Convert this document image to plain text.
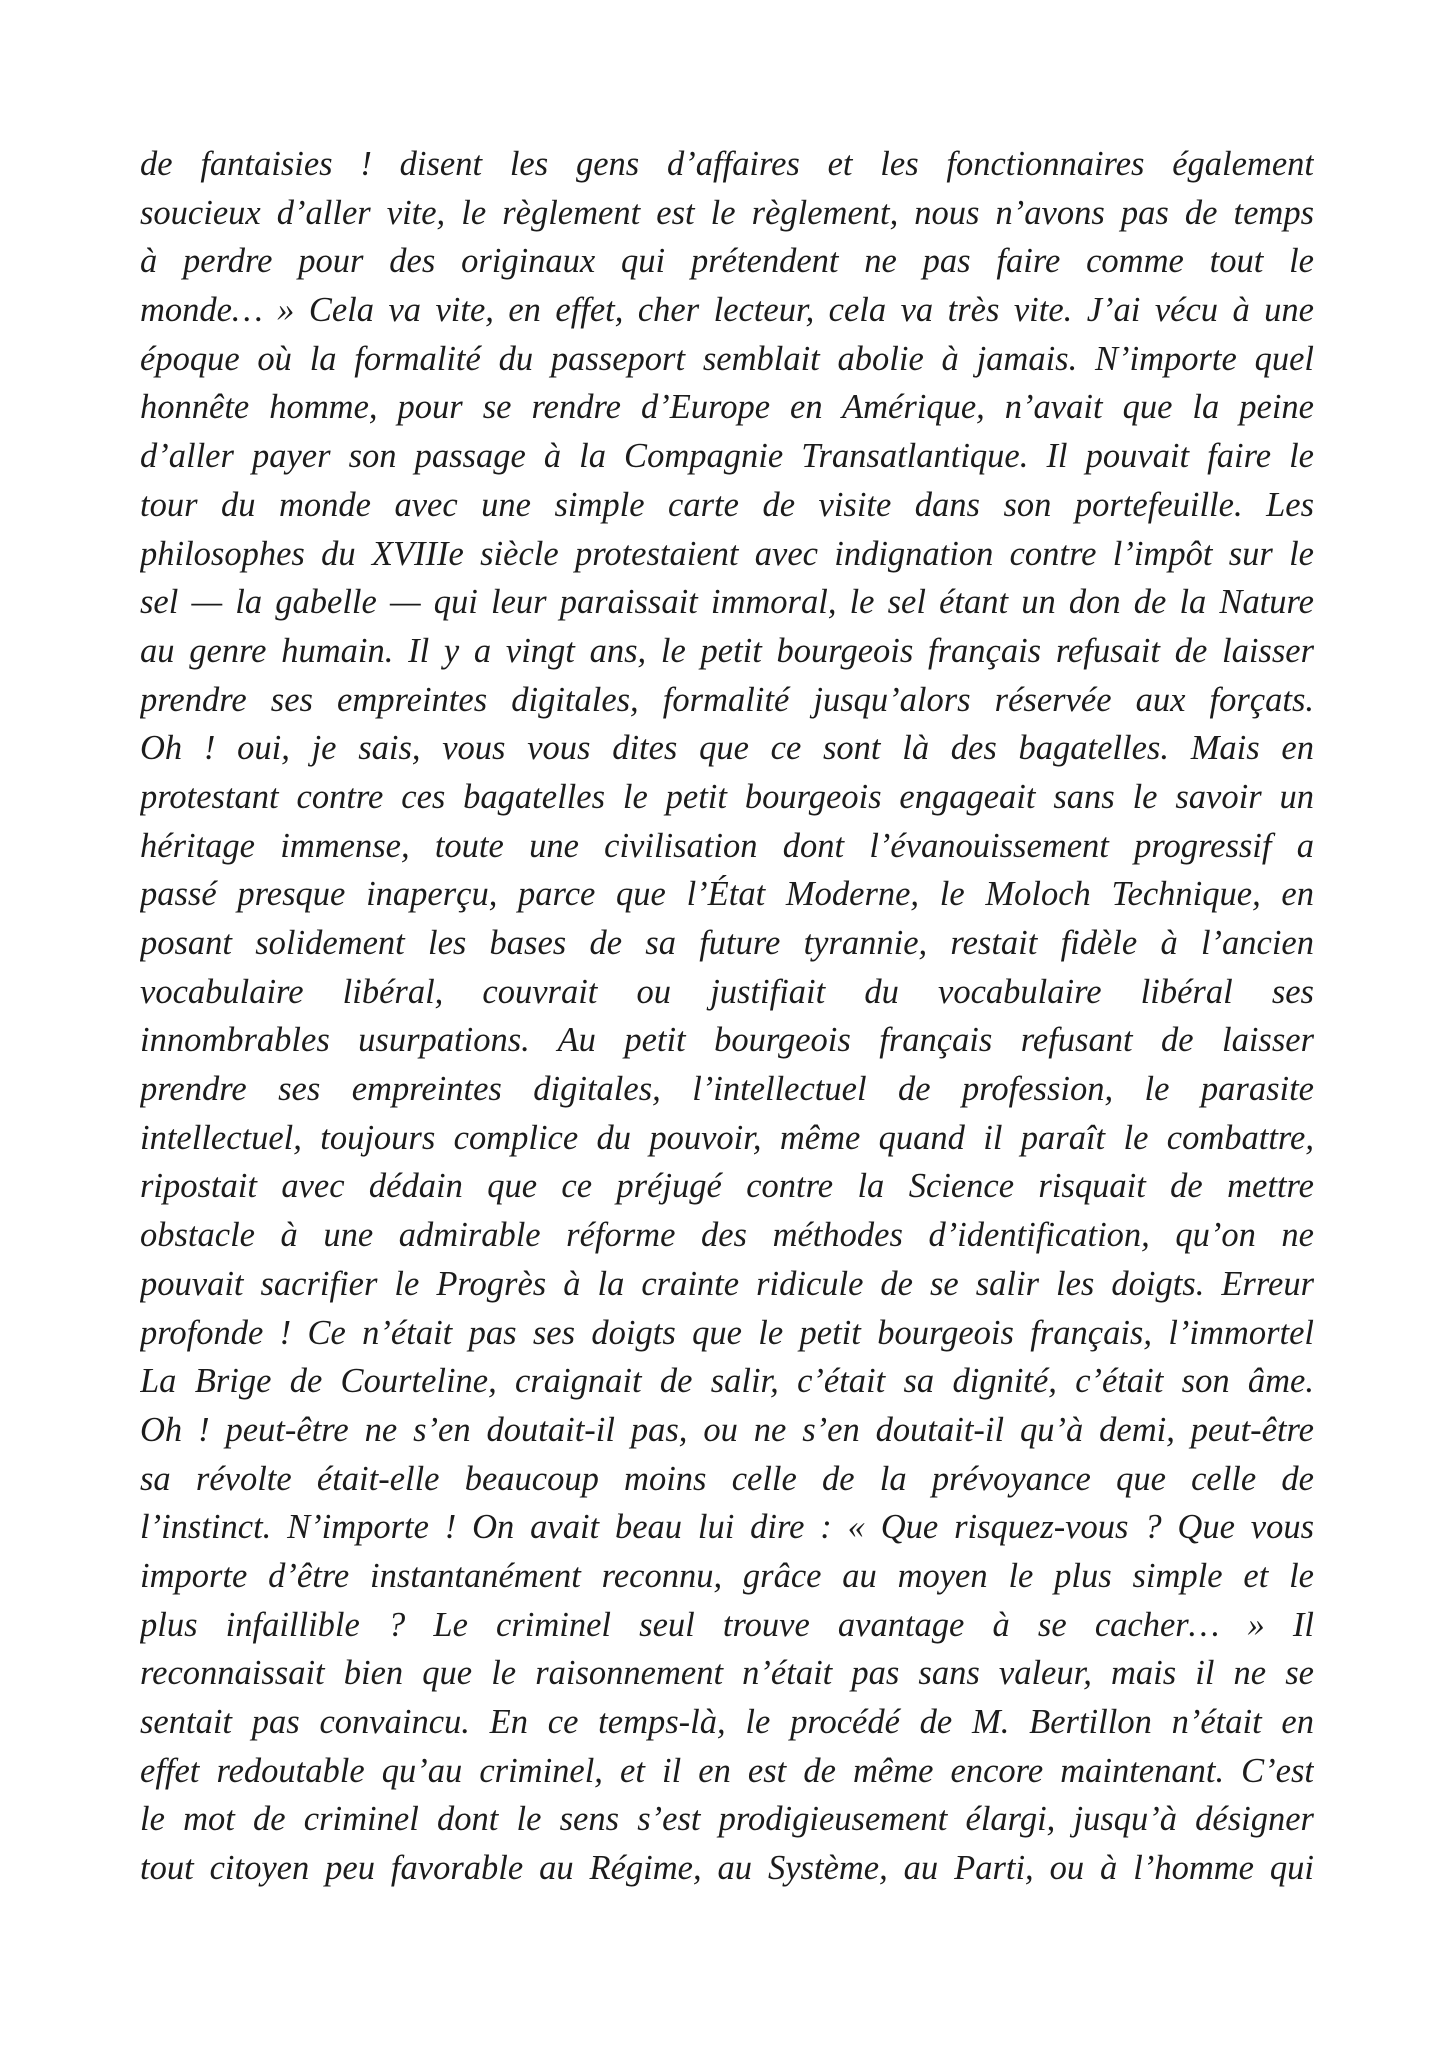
de fantaisies ! disent les gens d’affaires et les fonctionnaires également
soucieux d’aller vite, le règlement est le règlement, nous n’avons pas de temps
à perdre pour des originaux qui prétendent ne pas faire comme tout le
monde… » Cela va vite, en effet, cher lecteur, cela va très vite. J’ai vécu à une
époque où la formalité du passeport semblait abolie à jamais. N’importe quel
honnête homme, pour se rendre d’Europe en Amérique, n’avait que la peine
d’aller payer son passage à la Compagnie Transatlantique. Il pouvait faire le
tour du monde avec une simple carte de visite dans son portefeuille. Les
philosophes du XVIIIe siècle protestaient avec indignation contre l’impôt sur le
sel — la gabelle — qui leur paraissait immoral, le sel étant un don de la Nature
au genre humain. Il y a vingt ans, le petit bourgeois français refusait de laisser
prendre ses empreintes digitales, formalité jusqu’alors réservée aux forçats.
Oh ! oui, je sais, vous vous dites que ce sont là des bagatelles. Mais en
protestant contre ces bagatelles le petit bourgeois engageait sans le savoir un
héritage immense, toute une civilisation dont l’évanouissement progressif a
passé presque inaperçu, parce que l’État Moderne, le Moloch Technique, en
posant solidement les bases de sa future tyrannie, restait fidèle à l’ancien
vocabulaire libéral, couvrait ou justifiait du vocabulaire libéral ses
innombrables usurpations. Au petit bourgeois français refusant de laisser
prendre ses empreintes digitales, l’intellectuel de profession, le parasite
intellectuel, toujours complice du pouvoir, même quand il paraît le combattre,
ripostait avec dédain que ce préjugé contre la Science risquait de mettre
obstacle à une admirable réforme des méthodes d’identification, qu’on ne
pouvait sacrifier le Progrès à la crainte ridicule de se salir les doigts. Erreur
profonde ! Ce n’était pas ses doigts que le petit bourgeois français, l’immortel
La Brige de Courteline, craignait de salir, c’était sa dignité, c’était son âme.
Oh ! peut-être ne s’en doutait-il pas, ou ne s’en doutait-il qu’à demi, peut-être
sa révolte était-elle beaucoup moins celle de la prévoyance que celle de
l’instinct. N’importe ! On avait beau lui dire : « Que risquez-vous ? Que vous
importe d’être instantanément reconnu, grâce au moyen le plus simple et le
plus infaillible ? Le criminel seul trouve avantage à se cacher… » Il
reconnaissait bien que le raisonnement n’était pas sans valeur, mais il ne se
sentait pas convaincu. En ce temps-là, le procédé de M. Bertillon n’était en
effet redoutable qu’au criminel, et il en est de même encore maintenant. C’est
le mot de criminel dont le sens s’est prodigieusement élargi, jusqu’à désigner
tout citoyen peu favorable au Régime, au Système, au Parti, ou à l’homme qui
